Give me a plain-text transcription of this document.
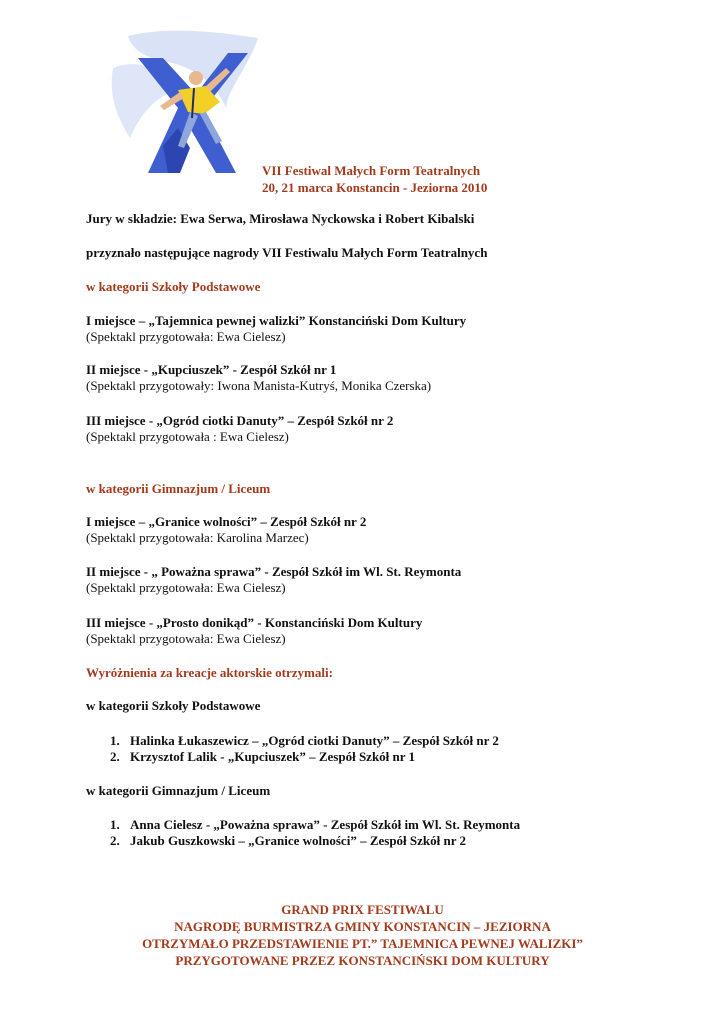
VII Festiwal Małych Form Teatralnych
20, 21 marca Konstancin - Jeziorna 2010
Jury w składzie: Ewa Serwa, Mirosława Nyckowska i Robert Kibalski
przyznało następujące nagrody VII Festiwalu Małych Form Teatralnych
w kategorii Szkoły Podstawowe
I miejsce – „Tajemnica pewnej walizki” Konstanciński Dom Kultury
(Spektakl przygotowała: Ewa Cielesz)
II miejsce - „Kupciuszek” - Zespół Szkół nr 1
(Spektakl przygotowały: Iwona Manista-Kutryś, Monika Czerska)
III miejsce - „Ogród ciotki Danuty” – Zespół Szkół nr 2
(Spektakl przygotowała : Ewa Cielesz)
w kategorii Gimnazjum / Liceum
I miejsce – „Granice wolności” – Zespół Szkół nr 2
(Spektakl przygotowała: Karolina Marzec)
II miejsce - „ Poważna sprawa” - Zespół Szkół im Wl. St. Reymonta
(Spektakl przygotowała: Ewa Cielesz)
III miejsce - „Prosto donikąd” - Konstanciński Dom Kultury
(Spektakl przygotowała: Ewa Cielesz)
Wyróżnienia za kreacje aktorskie otrzymali:
w kategorii Szkoły Podstawowe
1. Halinka Łukaszewicz – „Ogród ciotki Danuty” – Zespół Szkół nr 2
2. Krzysztof Lalik - „Kupciuszek” – Zespół Szkół nr 1
w kategorii Gimnazjum / Liceum
1. Anna Cielesz - „Poważna sprawa” - Zespół Szkół im Wl. St. Reymonta
2. Jakub Guszkowski – „Granice wolności” – Zespół Szkół nr 2
GRAND PRIX FESTIWALU
NAGRODĘ BURMISTRZA GMINY KONSTANCIN – JEZIORNA
OTRZYMAŁO PRZEDSTAWIENIE PT.” TAJEMNICA PEWNEJ WALIZKI”
PRZYGOTOWANE PRZEZ KONSTANCIŃSKI DOM KULTURY
